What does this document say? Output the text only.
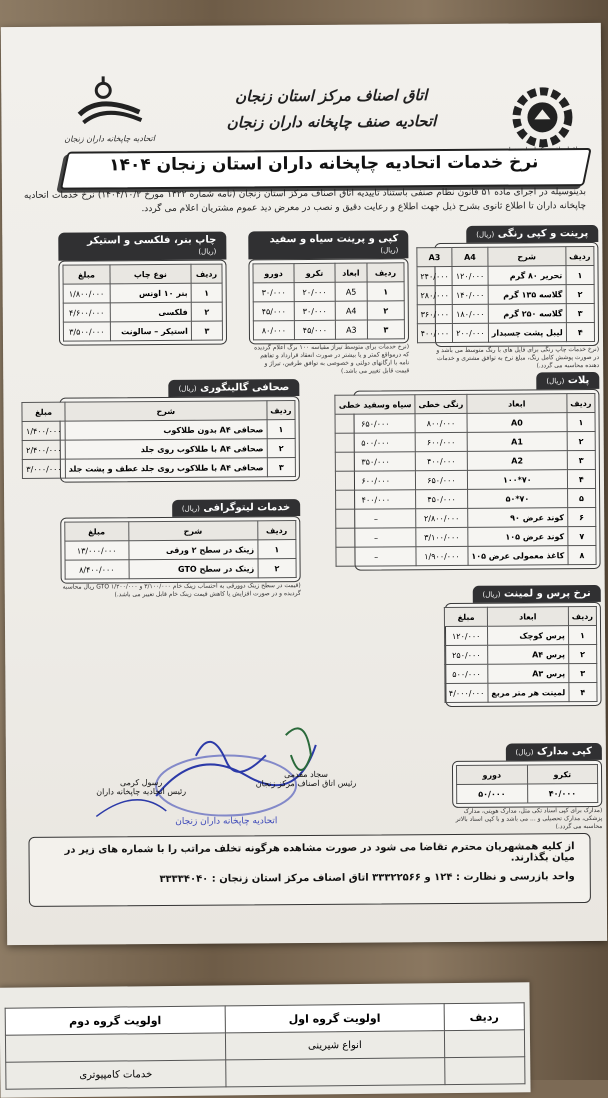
ردیف	اولویت گروه اول	اولویت گروه دوم
	انواع شیرینی	
		خدمات کامپیوتری
اتحادیه چاپخانه داران زنجان
اتاق اصناف مرکز استان زنجان
اتحادیه صنف چاپخانه داران زنجان
نرخ خدمات اتحادیه چاپخانه داران استان زنجان ۱۴۰۴
بدینوسیله در اجرای ماده ۵۱ قانون نظام صنفی باستناد تاییدیه اتاق اصناف مرکز استان زنجان (نامه شماره ۱۳۲۲ مورخ ۱۴۰۴/۱۰/۲) نرخ خدمات اتحادیه چاپخانه داران تا اطلاع ثانوی بشرح ذیل جهت اطلاع و رعایت دقیق و نصب در معرض دید عموم مشتریان اعلام می گردد.
پرینت و کپی رنگی (ریال)
ردیف	شرح	A4	A3
۱	تحریر ۸۰ گرم	۱۲۰/۰۰۰	۲۴۰/۰۰۰
۲	گلاسه ۱۳۵ گرم	۱۴۰/۰۰۰	۲۸۰/۰۰۰
۳	گلاسه ۲۵۰ گرم	۱۸۰/۰۰۰	۳۶۰/۰۰۰
۴	لیبل پشت چسبدار	۲۰۰/۰۰۰	۴۰۰/۰۰۰
(نرخ خدمات چاپ رنگی برای فایل های با رنگ متوسط می باشد و در صورت پوشش کامل رنگ، مبلغ نرخ به توافق مشتری و خدمات دهنده محاسبه می گردد.)
کپی و پرینت سیاه و سفید (ریال)
ردیف	ابعاد	تکرو	دورو
۱	A5	۲۰/۰۰۰	۳۰/۰۰۰
۲	A4	۳۰/۰۰۰	۴۵/۰۰۰
۳	A3	۴۵/۰۰۰	۸۰/۰۰۰
(نرخ خدمات برای متوسط تیراژ مقیاسه ۱۰۰ برگ اعلام گردیده که درمواقع کمتر و یا بیشتر در صورت انعقاد قرارداد و تفاهم نامه با ارگانهای دولتی و خصوصی به توافق طرفین، تیراژ و قیمت قابل تغییر می باشد.)
چاپ بنر، فلکسی و استیکر (ریال)
ردیف	نوع چاپ	مبلغ
۱	بنر ۱۰ اونس	۱/۸۰۰/۰۰۰
۲	فلکسی	۴/۶۰۰/۰۰۰
۳	استیکر – سالونت	۳/۵۰۰/۰۰۰
صحافی گالینگوری (ریال)
ردیف	شرح	مبلغ
۱	صحافی A۴ بدون طلاکوب	۱/۴۰۰/۰۰۰
۲	صحافی A۴ با طلاکوب روی جلد	۲/۴۰۰/۰۰۰
۳	صحافی A۴ با طلاکوب روی جلد عطف و پشت جلد	۳/۰۰۰/۰۰۰
پلات (ریال)
ردیف	ابعاد	رنگی خطی	سیاه وسفید خطی
۱	A0	۸۰۰/۰۰۰	۶۵۰/۰۰۰
۲	A1	۶۰۰/۰۰۰	۵۰۰/۰۰۰
۳	A2	۴۰۰/۰۰۰	۳۵۰/۰۰۰
۴	۷۰*۱۰۰	۶۵۰/۰۰۰	۶۰۰/۰۰۰
۵	۷۰*۵۰	۴۵۰/۰۰۰	۴۰۰/۰۰۰
۶	کوند عرض ۹۰	۲/۸۰۰/۰۰۰	–
۷	کوند عرض ۱۰۵	۳/۱۰۰/۰۰۰	–
۸	کاغذ معمولی عرض ۱۰۵	۱/۹۰۰/۰۰۰	–
خدمات لیتوگرافی (ریال)
ردیف	شرح	مبلغ
۱	زینک در سطح ۲ ورقی	۱۳/۰۰۰/۰۰۰
۲	زینک در سطح GTO	۸/۴۰۰/۰۰۰
(قیمت در سطح زینک دوورقی به احتساب زینک خام ۳/۱۰۰/۰۰۰ و GTO ۱/۲۰۰/۰۰۰ ریال محاسبه گردیده و در صورت افزایش یا کاهش قیمت زینک خام قابل تغییر می باشد.)	نرخ پرس و لمینت (ریال)
ردیف	ابعاد	مبلغ
۱	پرس کوچک	۱۲۰/۰۰۰
۲	پرس A۴	۲۵۰/۰۰۰
۳	پرس A۳	۵۰۰/۰۰۰
۴	لمینت هر متر مربع	۴/۰۰۰/۰۰۰
کپی مدارک (ریال)
تکرو	دورو
۴۰/۰۰۰	۵۰/۰۰۰
(مدارک برای کپی اسناد تکی مثل، مدارک هویتی، مدارک پزشکی، مدارک تحصیلی و ... می باشد و با کپی اسناد بالاتر محاسبه می گردد.)
اتحادیه چاپخانه داران زنجان
سجاد مقدمی
رئیس اتاق اصناف مرکز زنجان
رسول کرمی
رئیس اتحادیه چاپخانه داران
از کلیه همشهریان محترم تقاضا می شود در صورت مشاهده هرگونه تخلف مراتب را با شماره های زیر در میان بگذارند.
واحد بازرسی و نظارت : ۱۲۴ و ۳۳۳۲۲۵۶۶ اتاق اصناف مرکز استان زنجان : ۳۳۳۳۴۰۴۰
